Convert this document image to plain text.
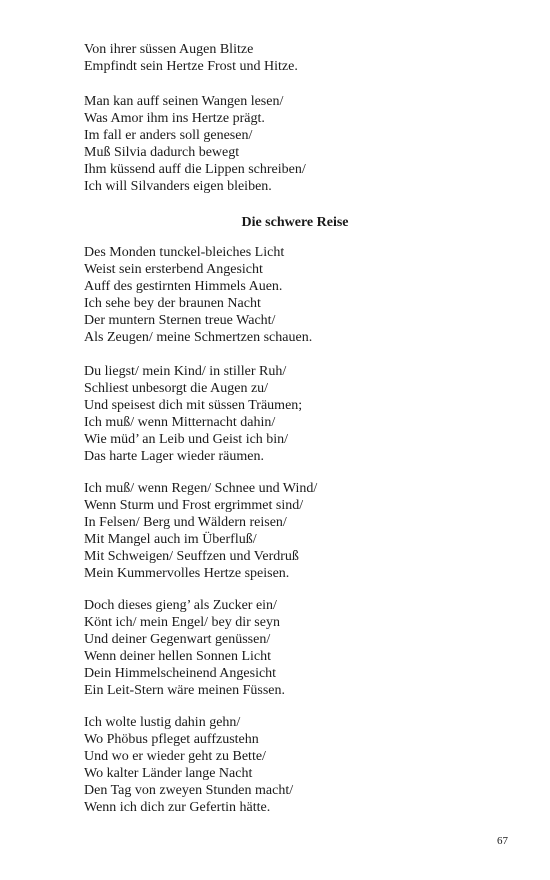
Von ihrer süssen Augen Blitze
Empfindt sein Hertze Frost und Hitze.
Man kan auff seinen Wangen lesen/
Was Amor ihm ins Hertze prägt.
Im fall er anders soll genesen/
Muß Silvia dadurch bewegt
Ihm küssend auff die Lippen schreiben/
Ich will Silvanders eigen bleiben.
Die schwere Reise
Des Monden tunckel-bleiches Licht
Weist sein ersterbend Angesicht
Auff des gestirnten Himmels Auen.
Ich sehe bey der braunen Nacht
Der muntern Sternen treue Wacht/
Als Zeugen/ meine Schmertzen schauen.
Du liegst/ mein Kind/ in stiller Ruh/
Schliest unbesorgt die Augen zu/
Und speisest dich mit süssen Träumen;
Ich muß/ wenn Mitternacht dahin/
Wie müd’ an Leib und Geist ich bin/
Das harte Lager wieder räumen.
Ich muß/ wenn Regen/ Schnee und Wind/
Wenn Sturm und Frost ergrimmet sind/
In Felsen/ Berg und Wäldern reisen/
Mit Mangel auch im Überfluß/
Mit Schweigen/ Seuffzen und Verdruß
Mein Kummervolles Hertze speisen.
Doch dieses gieng’ als Zucker ein/
Könt ich/ mein Engel/ bey dir seyn
Und deiner Gegenwart genüssen/
Wenn deiner hellen Sonnen Licht
Dein Himmelscheinend Angesicht
Ein Leit-Stern wäre meinen Füssen.
Ich wolte lustig dahin gehn/
Wo Phöbus pfleget auffzustehn
Und wo er wieder geht zu Bette/
Wo kalter Länder lange Nacht
Den Tag von zweyen Stunden macht/
Wenn ich dich zur Gefertin hätte.
67
